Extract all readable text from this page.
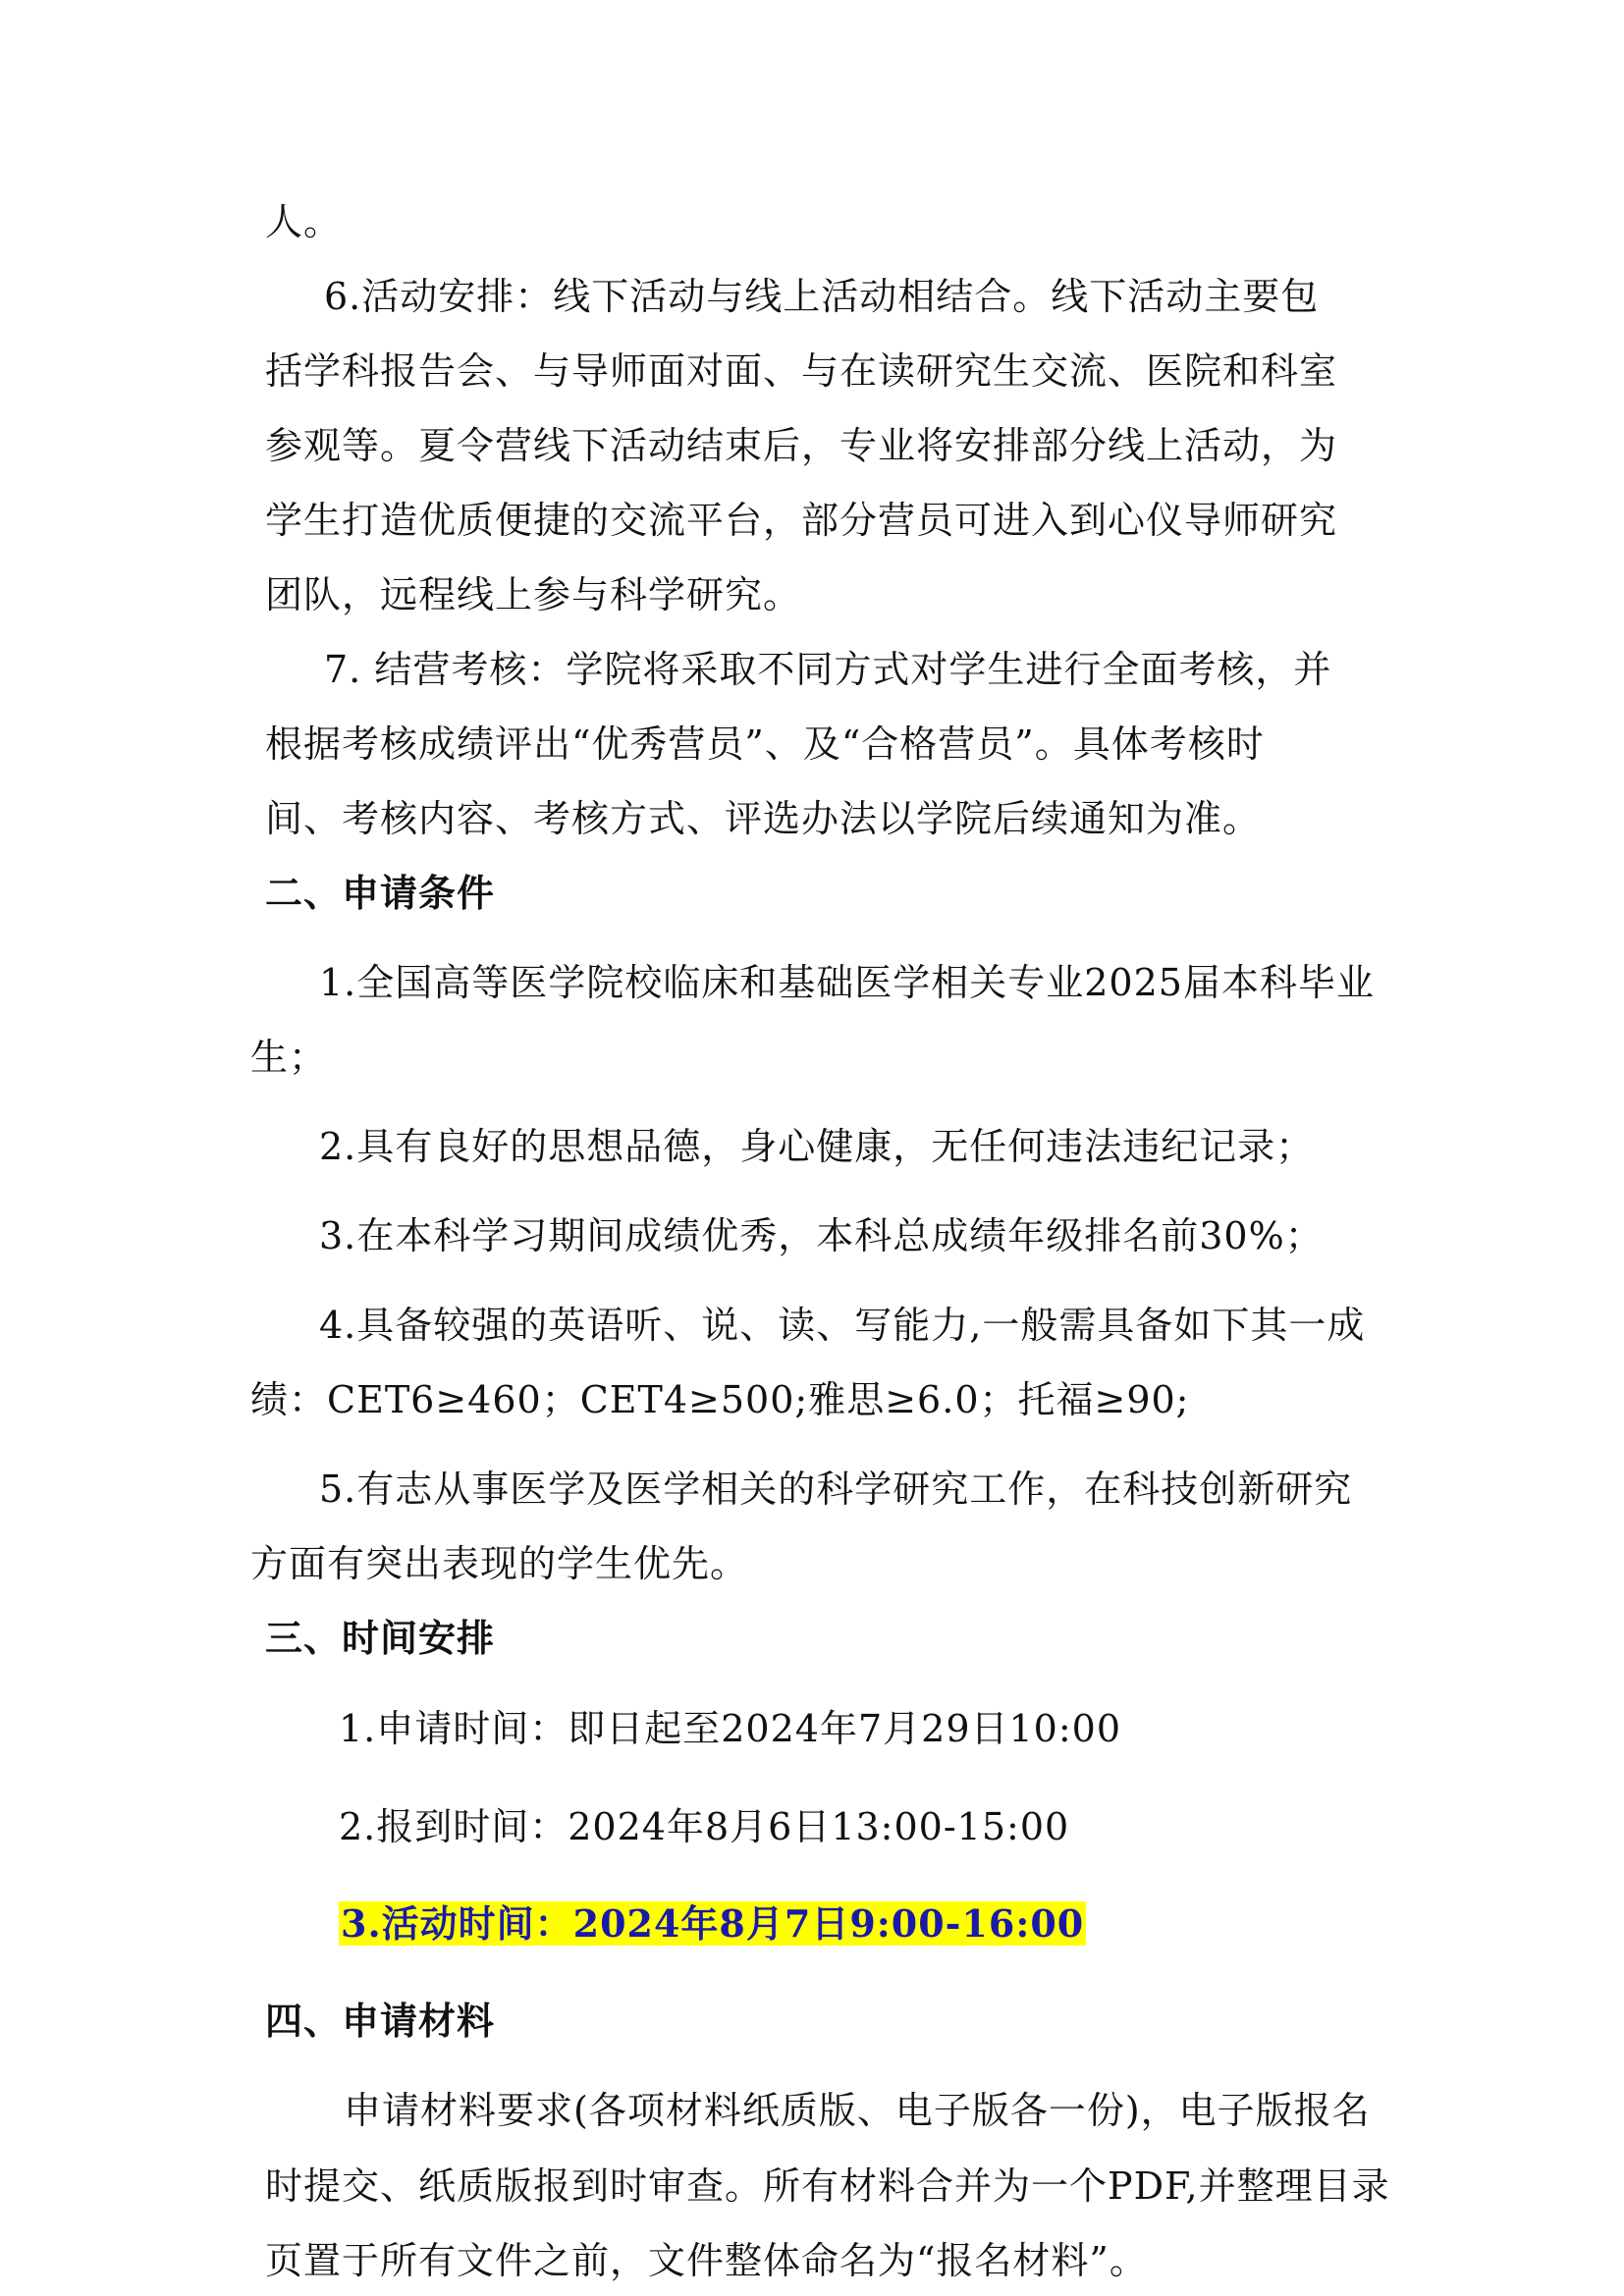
人。
6.活动安排：线下活动与线上活动相结合。线下活动主要包
括学科报告会、与导师面对面、与在读研究生交流、医院和科室
参观等。夏令营线下活动结束后，专业将安排部分线上活动，为
学生打造优质便捷的交流平台，部分营员可进入到心仪导师研究
团队，远程线上参与科学研究。
7. 结营考核：学院将采取不同方式对学生进行全面考核，并
根据考核成绩评出“优秀营员”、及“合格营员”。具体考核时
间、考核内容、考核方式、评选办法以学院后续通知为准。
二、申请条件
1.全国高等医学院校临床和基础医学相关专业2025届本科毕业
生；
2.具有良好的思想品德，身心健康，无任何违法违纪记录；
3.在本科学习期间成绩优秀，本科总成绩年级排名前30%；
4.具备较强的英语听、说、读、写能力,一般需具备如下其一成
绩：CET6≥460；CET4≥500;雅思≥6.0；托福≥90;
5.有志从事医学及医学相关的科学研究工作，在科技创新研究
方面有突出表现的学生优先。
三、时间安排
1.申请时间：即日起至2024年7月29日10:00
2.报到时间：2024年8月6日13:00-15:00
3.活动时间：2024年8月7日9:00-16:00
四、申请材料
申请材料要求(各项材料纸质版、电子版各一份)，电子版报名
时提交、纸质版报到时审查。所有材料合并为一个PDF,并整理目录
页置于所有文件之前，文件整体命名为“报名材料”。
